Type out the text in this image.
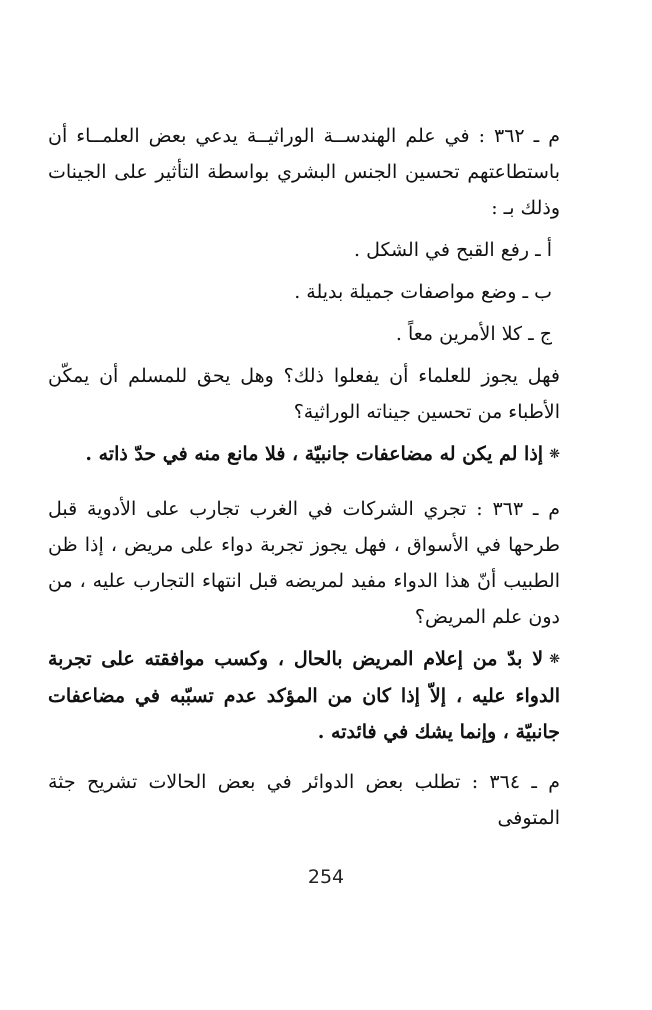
م ـ ٣٦٢ : في علم الهندســة الوراثيــة يدعي بعض العلمــاء أن باستطاعتهم تحسين الجنس البشري بواسطة التأثير على الجينات وذلك بـ :

أ ـ رفع القبح في الشكل .

ب ـ وضع مواصفات جميلة بديلة .

ج ـ كلا الأمرين معاً .

فهل يجوز للعلماء أن يفعلوا ذلك؟ وهل يحق للمسلم أن يمكّن الأطباء من تحسين جيناته الوراثية؟

❋إذا لم يكن له مضاعفات جانبيّة ، فلا مانع منه في حدّ ذاته .

م ـ ٣٦٣ : تجري الشركات في الغرب تجارب على الأدوية قبل طرحها في الأسواق ، فهل يجوز تجربة دواء على مريض ، إذا ظن الطبيب أنّ هذا الدواء مفيد لمريضه قبل انتهاء التجارب عليه ، من دون علم المريض؟

❋لا بدّ من إعلام المريض بالحال ، وكسب موافقته على تجربة الدواء عليه ، إلاّ إذا كان من المؤكد عدم تسبّبه في مضاعفات جانبيّة ، وإنما يشك في فائدته .

م ـ ٣٦٤ : تطلب بعض الدوائر في بعض الحالات تشريح جثة المتوفى

254
